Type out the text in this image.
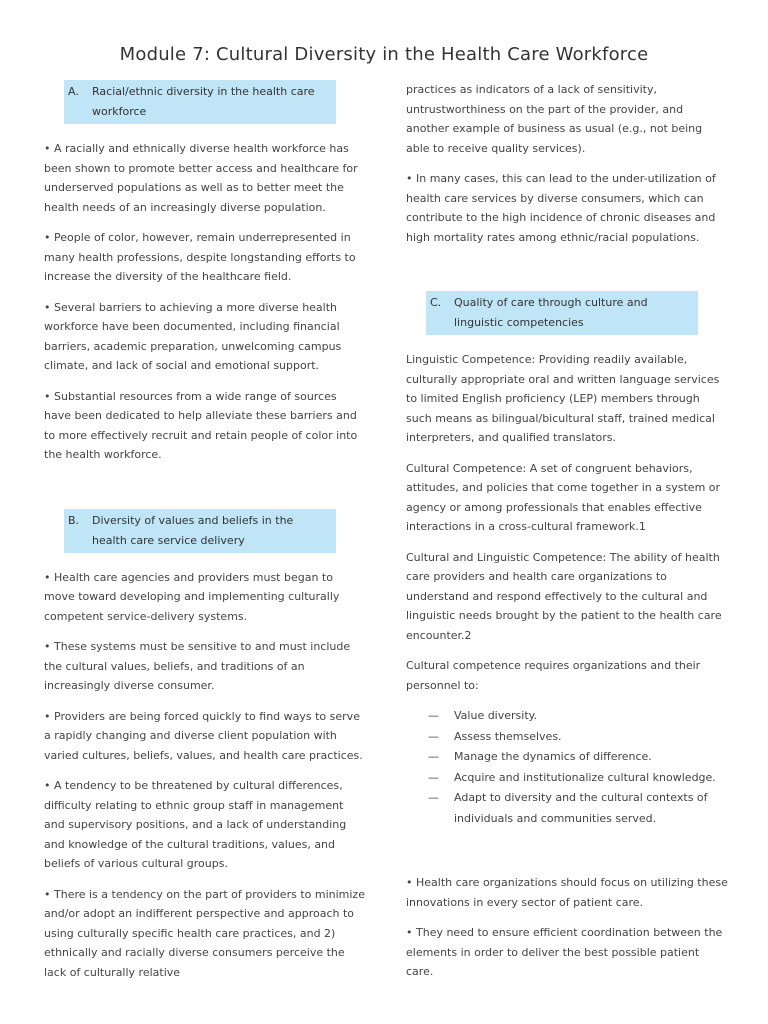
Module 7: Cultural Diversity in the Health Care Workforce
A.	Racial/ethnic diversity in the health care workforce

• A racially and ethnically diverse health workforce has been shown to promote better access and healthcare for underserved populations as well as to better meet the health needs of an increasingly diverse population.

• People of color, however, remain underrepresented in many health professions, despite longstanding efforts to increase the diversity of the healthcare field.

• Several barriers to achieving a more diverse health workforce have been documented, including financial barriers, academic preparation, unwelcoming campus climate, and lack of social and emotional support.

• Substantial resources from a wide range of sources have been dedicated to help alleviate these barriers and to more effectively recruit and retain people of color into the health workforce.

B.	Diversity of values and beliefs in the health care service delivery

• Health care agencies and providers must began to move toward developing and implementing culturally competent service-delivery systems.

• These systems must be sensitive to and must include the cultural values, beliefs, and traditions of an increasingly diverse consumer.

• Providers are being forced quickly to find ways to serve a rapidly changing and diverse client population with varied cultures, beliefs, values, and health care practices.

• A tendency to be threatened by cultural differences, difficulty relating to ethnic group staff in management and supervisory positions, and a lack of understanding and knowledge of the cultural traditions, values, and beliefs of various cultural groups.

• There is a tendency on the part of providers to minimize and/or adopt an indifferent perspective and approach to using culturally specific health care practices, and 2) ethnically and racially diverse consumers perceive the lack of culturally relative

practices as indicators of a lack of sensitivity, untrustworthiness on the part of the provider, and another example of business as usual (e.g., not being able to receive quality services).

• In many cases, this can lead to the under-utilization of health care services by diverse consumers, which can contribute to the high incidence of chronic diseases and high mortality rates among ethnic/racial populations.

C.	Quality of care through culture and linguistic competencies

Linguistic Competence: Providing readily available, culturally appropriate oral and written language services to limited English proficiency (LEP) members through such means as bilingual/bicultural staff, trained medical interpreters, and qualified translators.

Cultural Competence: A set of congruent behaviors, attitudes, and policies that come together in a system or agency or among professionals that enables effective interactions in a cross-cultural framework.1

Cultural and Linguistic Competence: The ability of health care providers and health care organizations to understand and respond effectively to the cultural and linguistic needs brought by the patient to the health care encounter.2

Cultural competence requires organizations and their personnel to:

—	Value diversity.
—	Assess themselves.
—	Manage the dynamics of difference.
—	Acquire and institutionalize cultural knowledge.
—	Adapt to diversity and the cultural contexts of individuals and communities served.

• Health care organizations should focus on utilizing these innovations in every sector of patient care.

• They need to ensure efficient coordination between the elements in order to deliver the best possible patient care.
